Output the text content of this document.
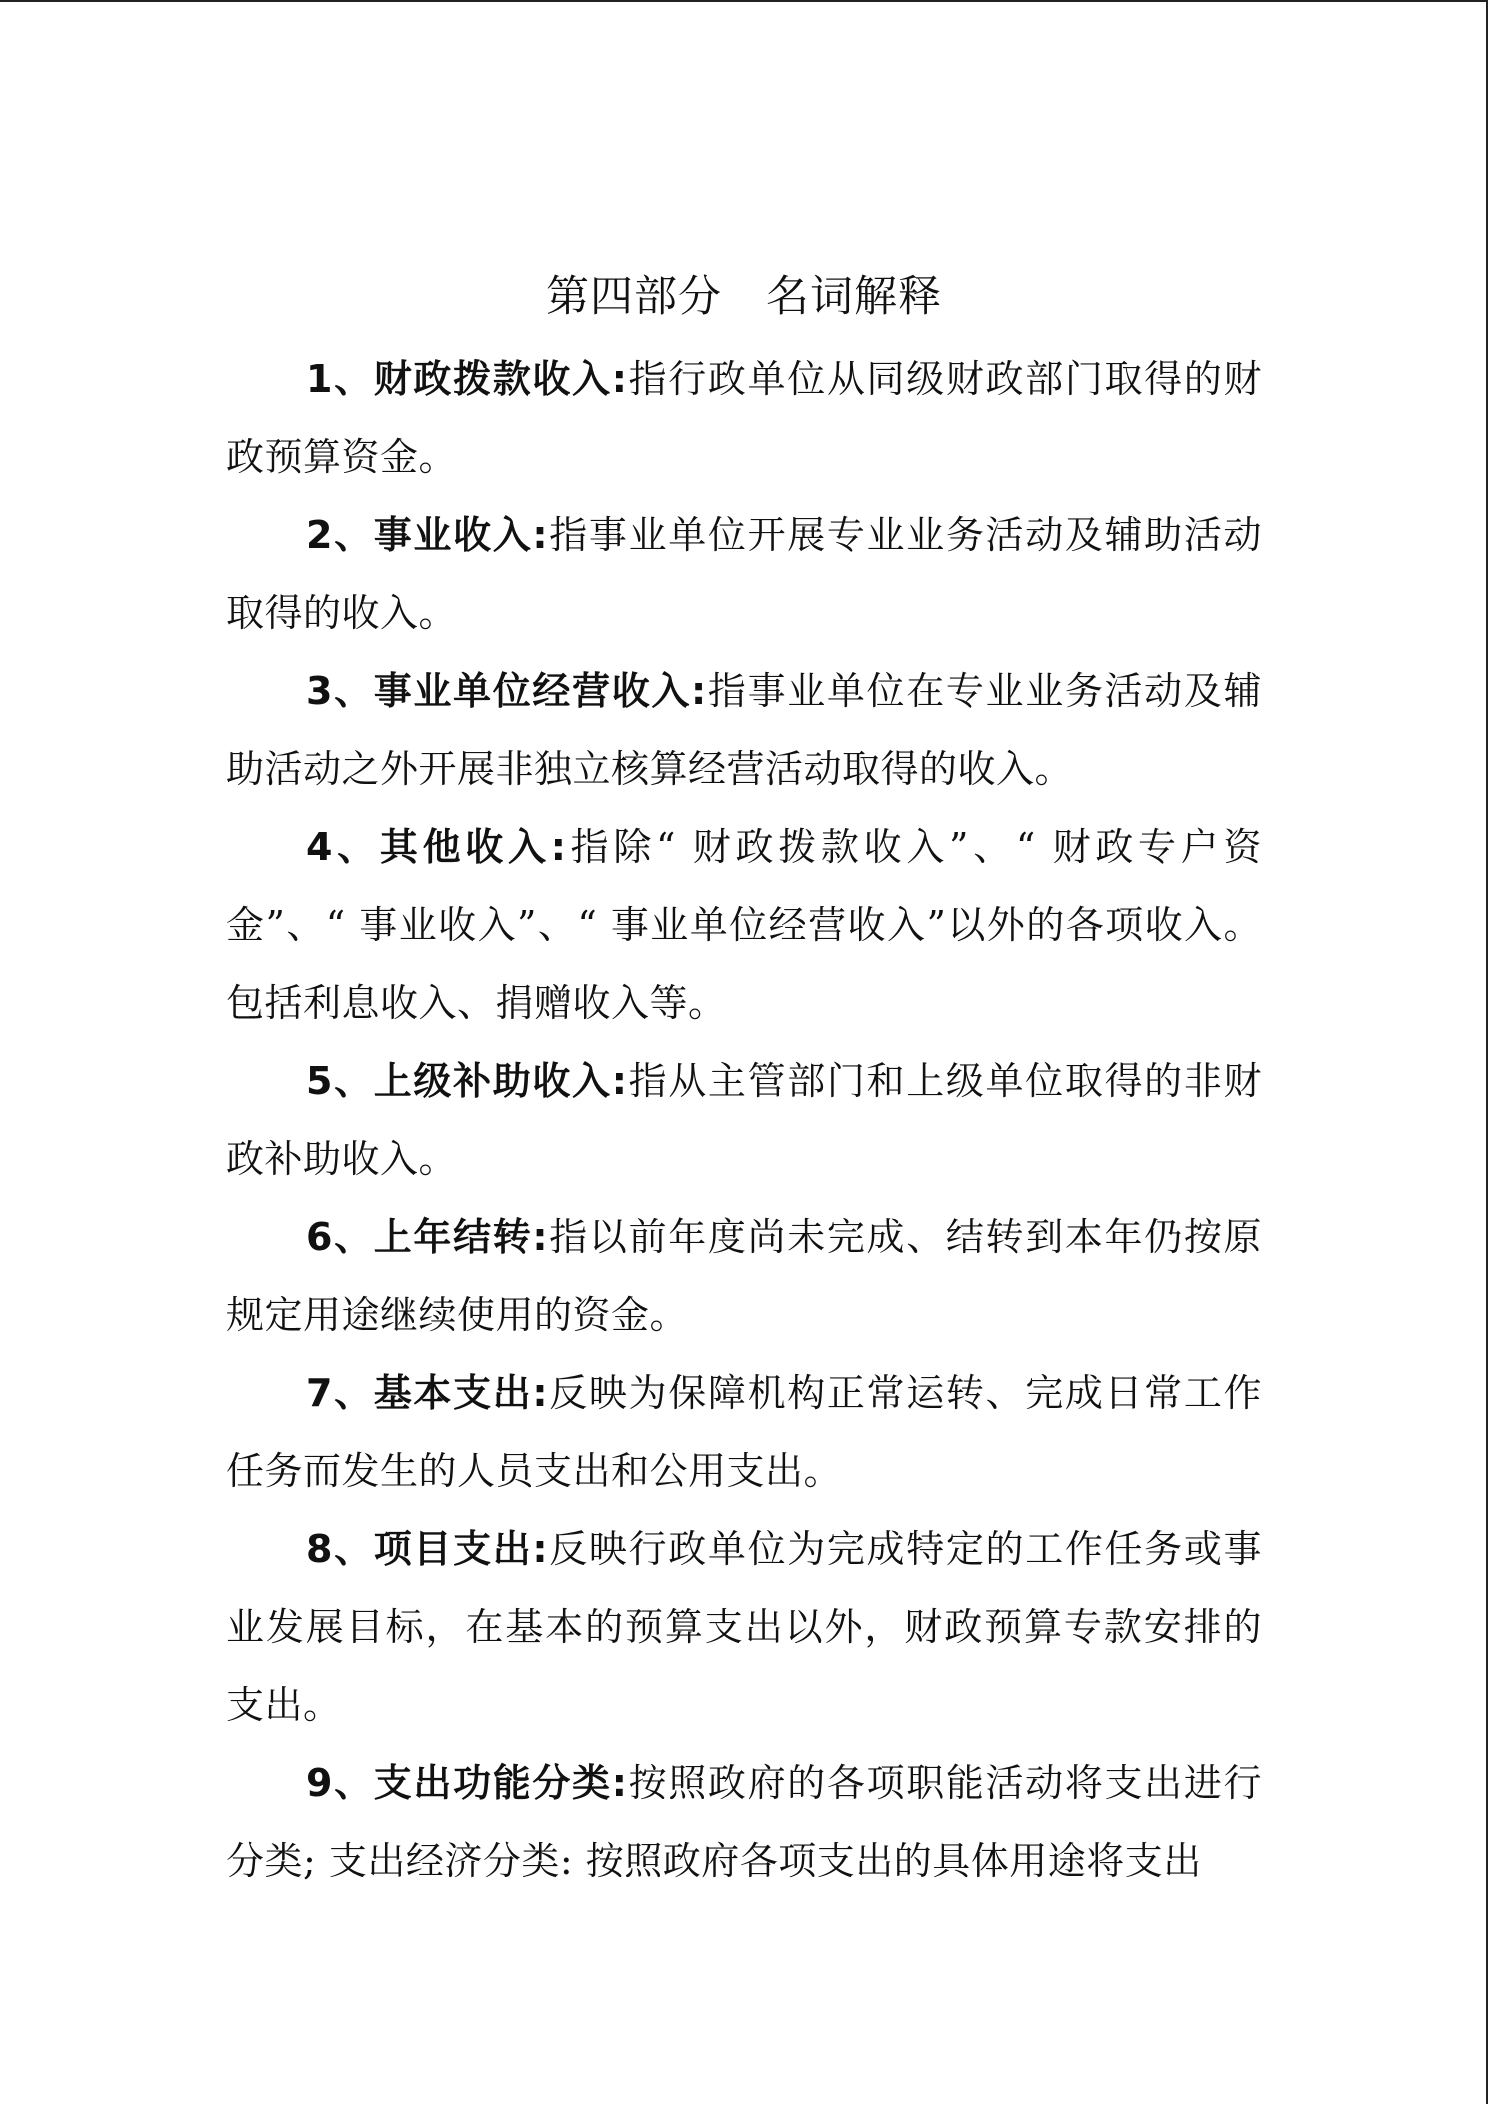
第四部分 名词解释

1、财政拨款收入:指行政单位从同级财政部门取得的财政预算资金。

2、事业收入:指事业单位开展专业业务活动及辅助活动取得的收入。

3、事业单位经营收入:指事业单位在专业业务活动及辅助活动之外开展非独立核算经营活动取得的收入。

4、其他收入:指除“ 财政拨款收入”、“ 财政专户资金”、“ 事业收入”、“ 事业单位经营收入”以外的各项收入。包括利息收入、捐赠收入等。

5、上级补助收入:指从主管部门和上级单位取得的非财政补助收入。

6、上年结转:指以前年度尚未完成、结转到本年仍按原规定用途继续使用的资金。

7、基本支出:反映为保障机构正常运转、完成日常工作任务而发生的人员支出和公用支出。

8、项目支出:反映行政单位为完成特定的工作任务或事业发展目标，在基本的预算支出以外，财政预算专款安排的支出。

9、支出功能分类:按照政府的各项职能活动将支出进行分类; 支出经济分类: 按照政府各项支出的具体用途将支出
